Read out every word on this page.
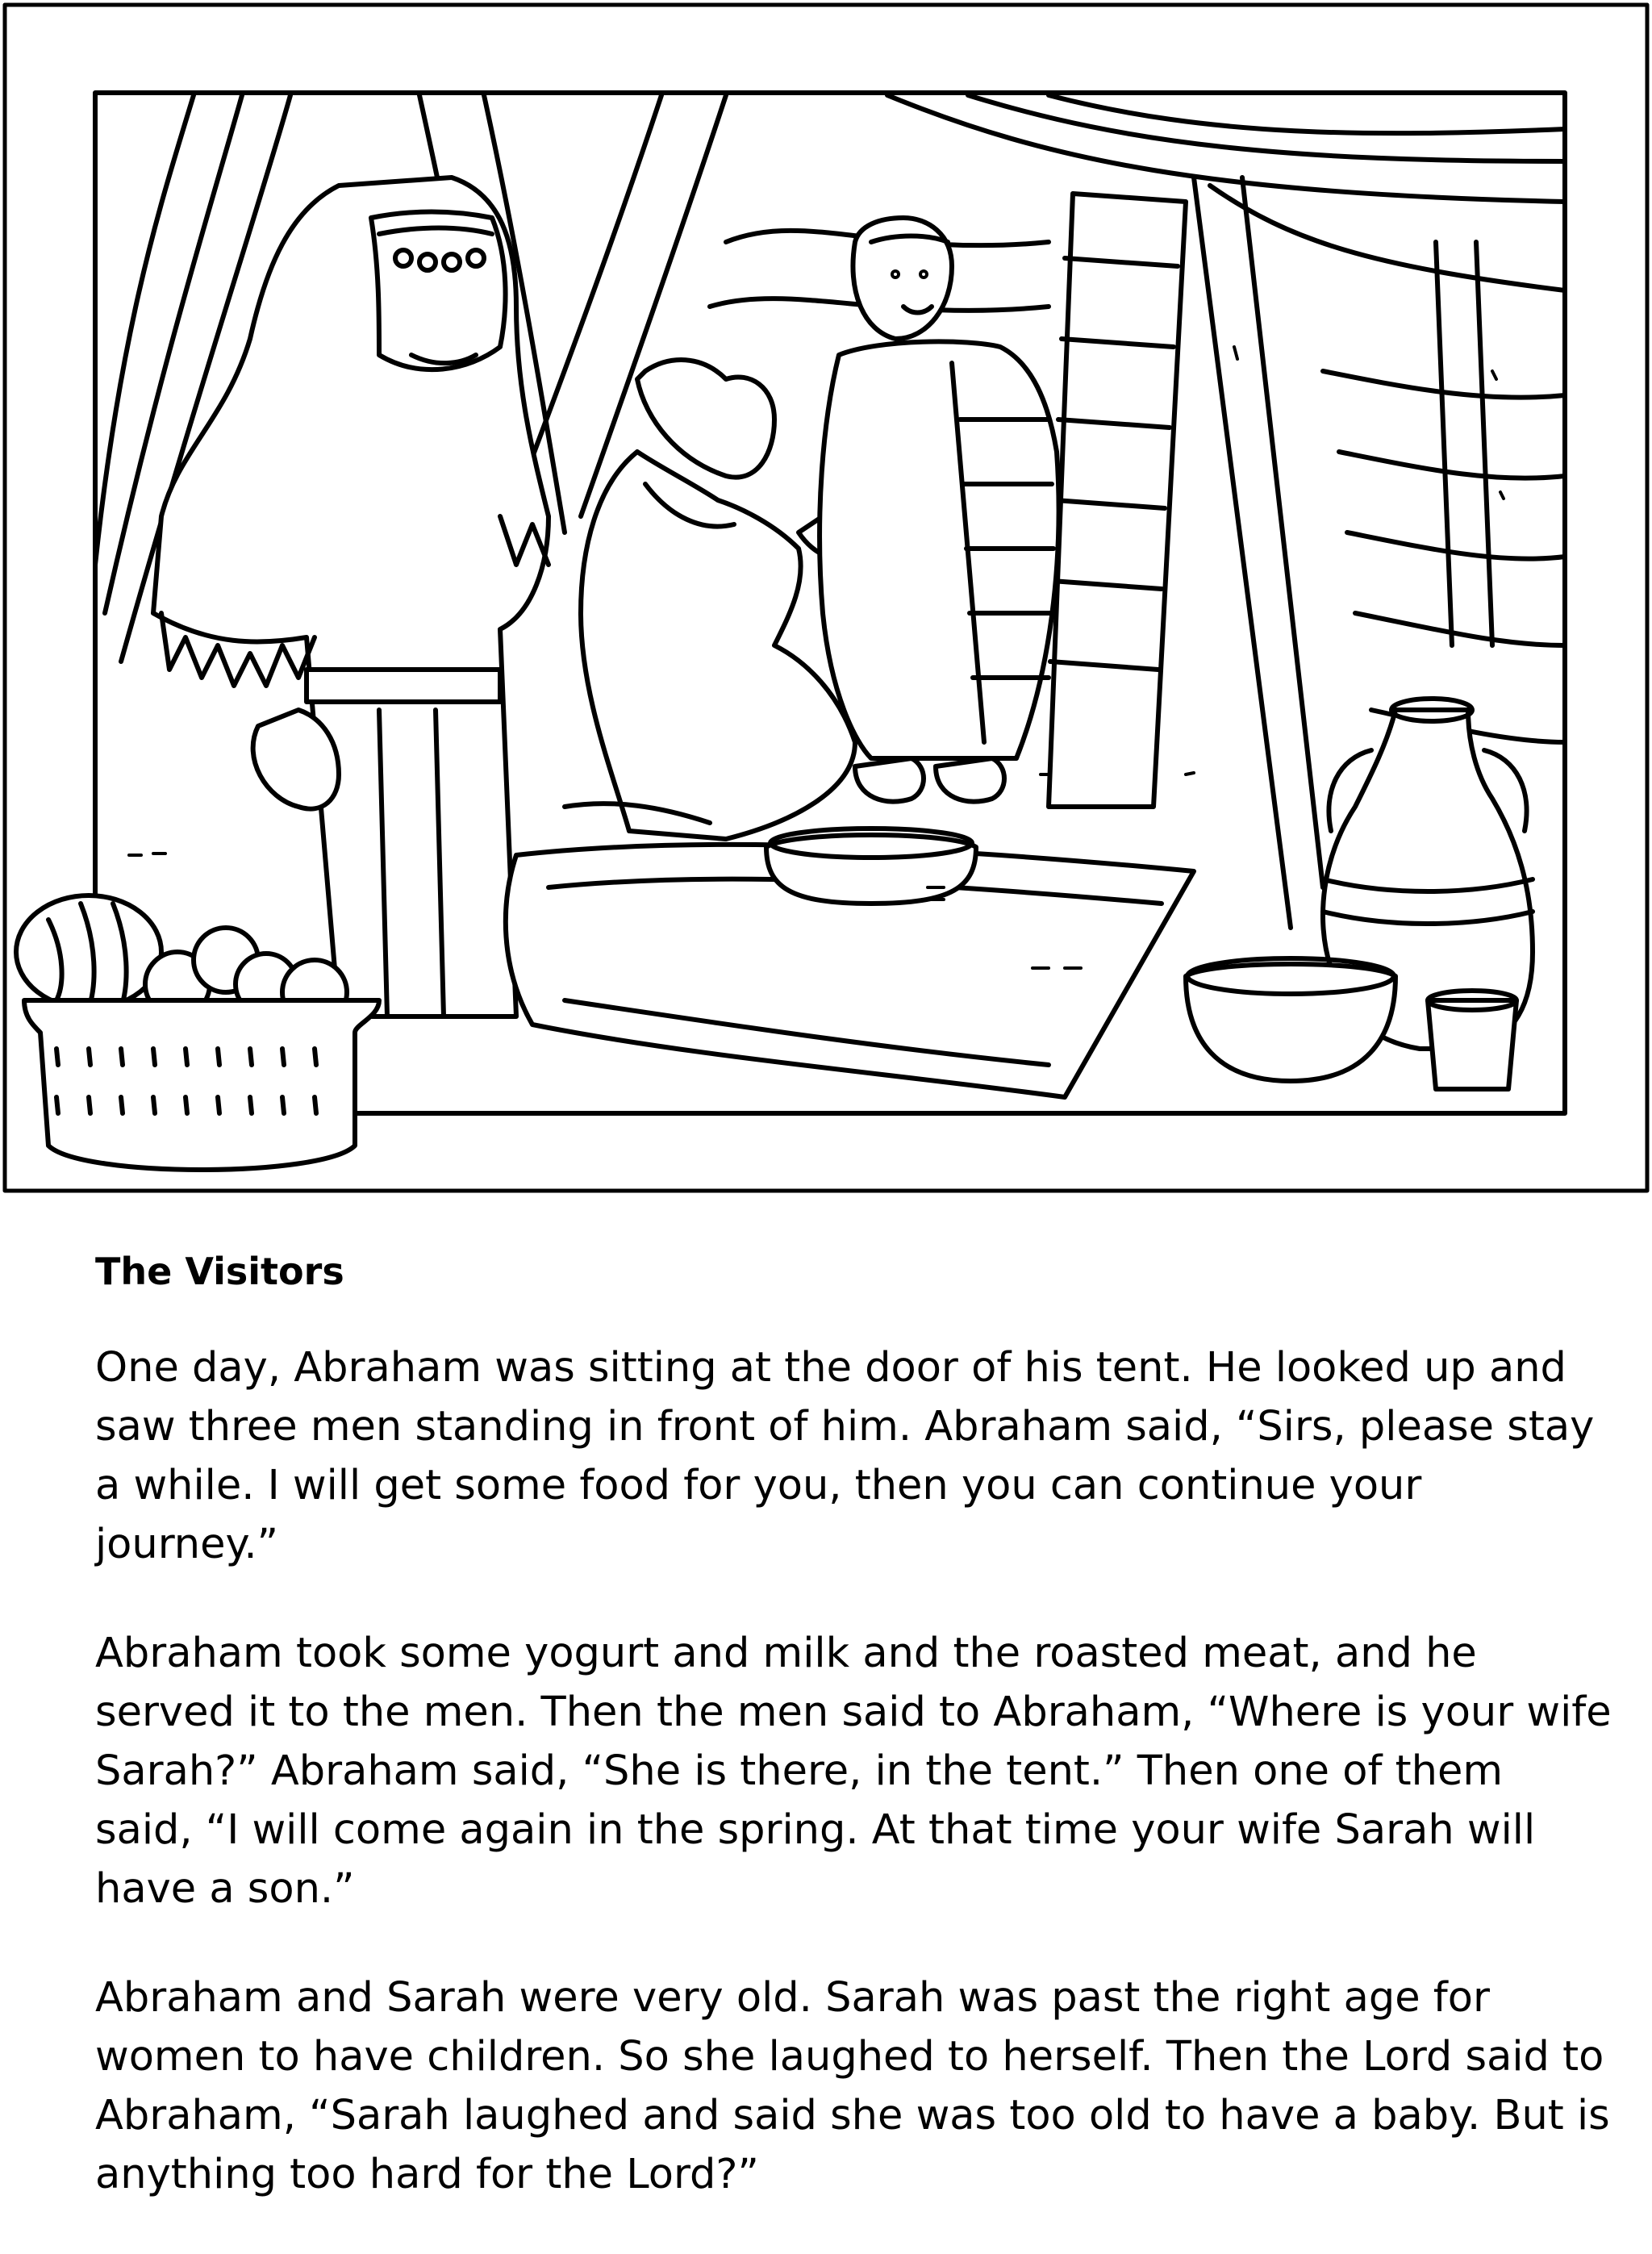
The Visitors

One day, Abraham was sitting at the door of his tent. He looked up and saw three men standing in front of him. Abraham said, “Sirs, please stay a while. I will get some food for you, then you can continue your journey.”

Abraham took some yogurt and milk and the roasted meat, and he served it to the men. Then the men said to Abraham, “Where is your wife Sarah?” Abraham said, “She is there, in the tent.” Then one of them said, “I will come again in the spring. At that time your wife Sarah will have a son.”

Abraham and Sarah were very old. Sarah was past the right age for women to have children. So she laughed to herself. Then the Lord said to Abraham, “Sarah laughed and said she was too old to have a baby. But is anything too hard for the Lord?”
